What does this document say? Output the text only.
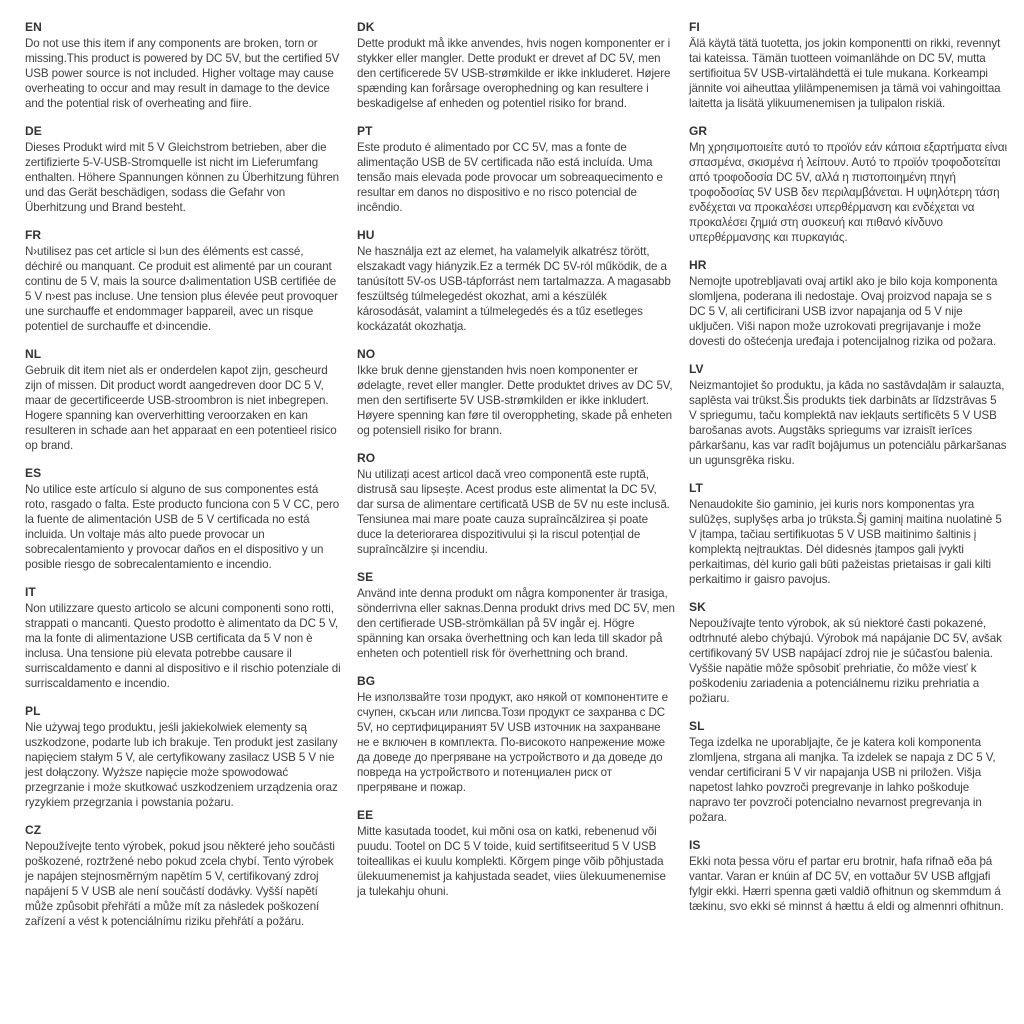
EN

Do not use this item if any components are broken, torn or missing.This product is powered by DC 5V, but the certified 5V USB power source is not included. Higher voltage may cause overheating to occur and may result in damage to the device and the potential risk of overheating and fiire.

DE

Dieses Produkt wird mit 5 V Gleichstrom betrieben, aber die zertifizierte 5-V-USB-Stromquelle ist nicht im Lieferumfang enthalten. Höhere Spannungen können zu Überhitzung führen und das Gerät beschädigen, sodass die Gefahr von Überhitzung und Brand besteht.

FR

N›utilisez pas cet article si l›un des éléments est cassé, déchiré ou manquant. Ce produit est alimenté par un courant continu de 5 V, mais la source d›alimentation USB certifiée de 5 V n›est pas incluse. Une tension plus élevée peut provoquer une surchauffe et endommager l›appareil, avec un risque potentiel de surchauffe et d›incendie.

NL

Gebruik dit item niet als er onderdelen kapot zijn, gescheurd zijn of missen. Dit product wordt aangedreven door DC 5 V, maar de gecertificeerde USB-stroombron is niet inbegrepen. Hogere spanning kan oververhitting veroorzaken en kan resulteren in schade aan het apparaat en een potentieel risico op brand.

ES

No utilice este artículo si alguno de sus componentes está roto, rasgado o falta. Este producto funciona con 5 V CC, pero la fuente de alimentación USB de 5 V certificada no está incluida. Un voltaje más alto puede provocar un sobrecalentamiento y provocar daños en el dispositivo y un posible riesgo de sobrecalentamiento e incendio.

IT

Non utilizzare questo articolo se alcuni componenti sono rotti, strappati o mancanti. Questo prodotto è alimentato da DC 5 V, ma la fonte di alimentazione USB certificata da 5 V non è inclusa. Una tensione più elevata potrebbe causare il surriscaldamento e danni al dispositivo e il rischio potenziale di surriscaldamento e incendio.

PL

Nie używaj tego produktu, jeśli jakiekolwiek elementy są uszkodzone, podarte lub ich brakuje. Ten produkt jest zasilany napięciem stałym 5 V, ale certyfikowany zasilacz USB 5 V nie jest dołączony. Wyższe napięcie może spowodować przegrzanie i może skutkować uszkodzeniem urządzenia oraz ryzykiem przegrzania i powstania pożaru.

CZ

Nepoužívejte tento výrobek, pokud jsou některé jeho součásti poškozené, roztržené nebo pokud zcela chybí. Tento výrobek je napájen stejnosměrným napětím 5 V, certifikovaný zdroj napájení 5 V USB ale není součástí dodávky. Vyšší napětí může způsobit přehřátí a může mít za následek poškození zařízení a vést k potenciálnímu riziku přehřátí a požáru.

DK

Dette produkt må ikke anvendes, hvis nogen komponenter er i stykker eller mangler. Dette produkt er drevet af DC 5V, men den certificerede 5V USB-strømkilde er ikke inkluderet. Højere spænding kan forårsage overophedning og kan resultere i beskadigelse af enheden og potentiel risiko for brand.

PT

Este produto é alimentado por CC 5V, mas a fonte de alimentação USB de 5V certificada não está incluída. Uma tensão mais elevada pode provocar um sobreaquecimento e resultar em danos no dispositivo e no risco potencial de incêndio.

HU

Ne használja ezt az elemet, ha valamelyik alkatrész törött, elszakadt vagy hiányzik.Ez a termék DC 5V-ról működik, de a tanúsított 5V-os USB-tápforrást nem tartalmazza. A magasabb feszültség túlmelegedést okozhat, ami a készülék károsodását, valamint a túlmelegedés és a tűz esetleges kockázatát okozhatja.

NO

Ikke bruk denne gjenstanden hvis noen komponenter er ødelagte, revet eller mangler. Dette produktet drives av DC 5V, men den sertifiserte 5V USB-strømkilden er ikke inkludert. Høyere spenning kan føre til overoppheting, skade på enheten og potensiell risiko for brann.

RO

Nu utilizați acest articol dacă vreo componentă este ruptă, distrusă sau lipsește. Acest produs este alimentat la DC 5V, dar sursa de alimentare certificată USB de 5V nu este inclusă. Tensiunea mai mare poate cauza supraîncălzirea și poate duce la deteriorarea dispozitivului și la riscul potențial de supraîncălzire și incendiu.

SE

Använd inte denna produkt om några komponenter är trasiga, sönderrivna eller saknas.Denna produkt drivs med DC 5V, men den certifierade USB-strömkällan på 5V ingår ej. Högre spänning kan orsaka överhettning och kan leda till skador på enheten och potentiell risk för överhettning och brand.

BG

Не използвайте този продукт, ако някой от компонентите е счупен, скъсан или липсва.Този продукт се захранва с DC 5V, но сертифицираният 5V USB източник на захранване не е включен в комплекта. По-високото напрежение може да доведе до прегряване на устройството и да доведе до повреда на устройството и потенциален риск от прегряване и пожар.

EE

Mitte kasutada toodet, kui mõni osa on katki, rebenenud või puudu. Tootel on DC 5 V toide, kuid sertifitseeritud 5 V USB toiteallikas ei kuulu komplekti. Kõrgem pinge võib põhjustada ülekuumenemist ja kahjustada seadet, viies ülekuumenemise ja tulekahju ohuni.

FI

Älä käytä tätä tuotetta, jos jokin komponentti on rikki, revennyt tai kateissa. Tämän tuotteen voimanlähde on DC 5V, mutta sertifioitua 5V USB-virtalähdettä ei tule mukana. Korkeampi jännite voi aiheuttaa ylilämpenemisen ja tämä voi vahingoittaa laitetta ja lisätä ylikuumenemisen ja tulipalon riskiä.

GR

Μη χρησιμοποιείτε αυτό το προϊόν εάν κάποια εξαρτήματα είναι σπασμένα, σκισμένα ή λείπουν. Αυτό το προϊόν τροφοδοτείται από τροφοδοσία DC 5V, αλλά η πιστοποιημένη πηγή τροφοδοσίας 5V USB δεν περιλαμβάνεται. Η υψηλότερη τάση ενδέχεται να προκαλέσει υπερθέρμανση και ενδέχεται να προκαλέσει ζημιά στη συσκευή και πιθανό κίνδυνο υπερθέρμανσης και πυρκαγιάς.

HR

Nemojte upotrebljavati ovaj artikl ako je bilo koja komponenta slomljena, poderana ili nedostaje. Ovaj proizvod napaja se s DC 5 V, ali certificirani USB izvor napajanja od 5 V nije uključen. Viši napon može uzrokovati pregrijavanje i može dovesti do oštećenja uređaja i potencijalnog rizika od požara.

LV

Neizmantojiet šo produktu, ja kāda no sastāvdaļām ir salauzta, saplēsta vai trūkst.Šis produkts tiek darbināts ar līdzstrāvas 5 V spriegumu, taču komplektā nav iekļauts sertificēts 5 V USB barošanas avots. Augstāks spriegums var izraisīt ierīces pārkaršanu, kas var radīt bojājumus un potenciālu pārkaršanas un ugunsgrēka risku.

LT

Nenaudokite šio gaminio, jei kuris nors komponentas yra sulūžęs, suplyšęs arba jo trūksta.Šį gaminį maitina nuolatinė 5 V įtampa, tačiau sertifikuotas 5 V USB maitinimo šaltinis į komplektą neįtrauktas. Dėl didesnės įtampos gali įvykti perkaitimas, dėl kurio gali būti pažeistas prietaisas ir gali kilti perkaitimo ir gaisro pavojus.

SK

Nepoužívajte tento výrobok, ak sú niektoré časti pokazené, odtrhnuté alebo chýbajú. Výrobok má napájanie DC 5V, avšak certifikovaný 5V USB napájací zdroj nie je súčasťou balenia. Vyššie napätie môže spôsobiť prehriatie, čo môže viesť k poškodeniu zariadenia a potenciálnemu riziku prehriatia a požiaru.

SL

Tega izdelka ne uporabljajte, če je katera koli komponenta zlomljena, strgana ali manjka. Ta izdelek se napaja z DC 5 V, vendar certificirani 5 V vir napajanja USB ni priložen. Višja napetost lahko povzroči pregrevanje in lahko poškoduje napravo ter povzroči potencialno nevarnost pregrevanja in požara.

IS

Ekki nota þessa vöru ef partar eru brotnir, hafa rifnað eða þá vantar. Varan er knúin af DC 5V, en vottaður 5V USB aflgjafi fylgir ekki. Hærri spenna gæti valdið ofhitnun og skemmdum á tækinu, svo ekki sé minnst á hættu á eldi og almennri ofhitnun.
